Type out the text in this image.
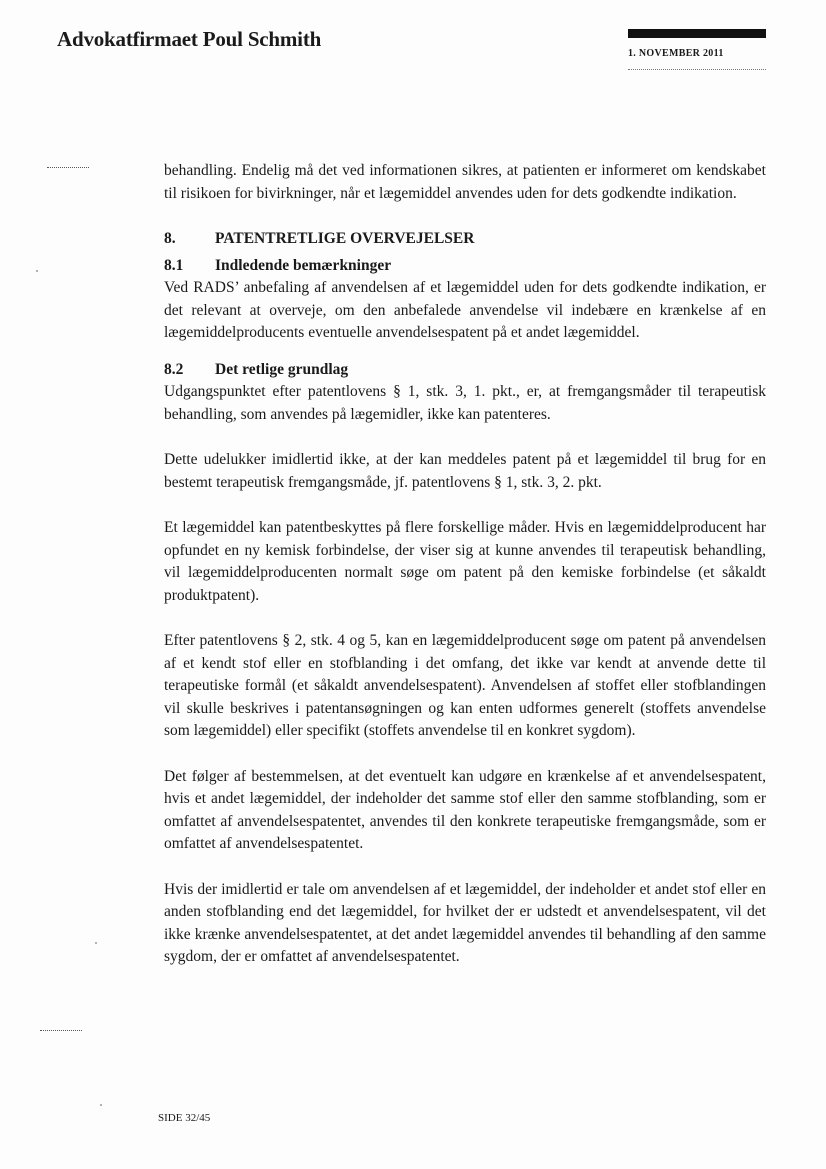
Advokatfirmaet Poul Schmith
1. NOVEMBER 2011

behandling. Endelig må det ved informationen sikres, at patienten er informeret om kendskabet til risikoen for bivirkninger, når et lægemiddel anvendes uden for dets godkendte indikation.

8.	PATENTRETLIGE OVERVEJELSER
8.1	Indledende bemærkninger

Ved RADS’ anbefaling af anvendelsen af et lægemiddel uden for dets godkendte indikation, er det relevant at overveje, om den anbefalede anvendelse vil indebære en krænkelse af en lægemiddelproducents eventuelle anvendelsespatent på et andet lægemiddel.

8.2	Det retlige grundlag

Udgangspunktet efter patentlovens § 1, stk. 3, 1. pkt., er, at fremgangsmåder til terapeutisk behandling, som anvendes på lægemidler, ikke kan patenteres.

Dette udelukker imidlertid ikke, at der kan meddeles patent på et lægemiddel til brug for en bestemt terapeutisk fremgangsmåde, jf. patentlovens § 1, stk. 3, 2. pkt.

Et lægemiddel kan patentbeskyttes på flere forskellige måder. Hvis en lægemiddelproducent har opfundet en ny kemisk forbindelse, der viser sig at kunne anvendes til terapeutisk behandling, vil lægemiddelproducenten normalt søge om patent på den kemiske forbindelse (et såkaldt produktpatent).

Efter patentlovens § 2, stk. 4 og 5, kan en lægemiddelproducent søge om patent på anvendelsen af et kendt stof eller en stofblanding i det omfang, det ikke var kendt at anvende dette til terapeutiske formål (et såkaldt anvendelsespatent). Anvendelsen af stoffet eller stofblandingen vil skulle beskrives i patentansøgningen og kan enten udformes generelt (stoffets anvendelse som lægemiddel) eller specifikt (stoffets anvendelse til en konkret sygdom).

Det følger af bestemmelsen, at det eventuelt kan udgøre en krænkelse af et anvendelsespatent, hvis et andet lægemiddel, der indeholder det samme stof eller den samme stofblanding, som er omfattet af anvendelsespatentet, anvendes til den konkrete terapeutiske fremgangsmåde, som er omfattet af anvendelsespatentet.

Hvis der imidlertid er tale om anvendelsen af et lægemiddel, der indeholder et andet stof eller en anden stofblanding end det lægemiddel, for hvilket der er udstedt et anvendelsespatent, vil det ikke krænke anvendelsespatentet, at det andet lægemiddel anvendes til behandling af den samme sygdom, der er omfattet af anvendelsespatentet.

SIDE 32/45
